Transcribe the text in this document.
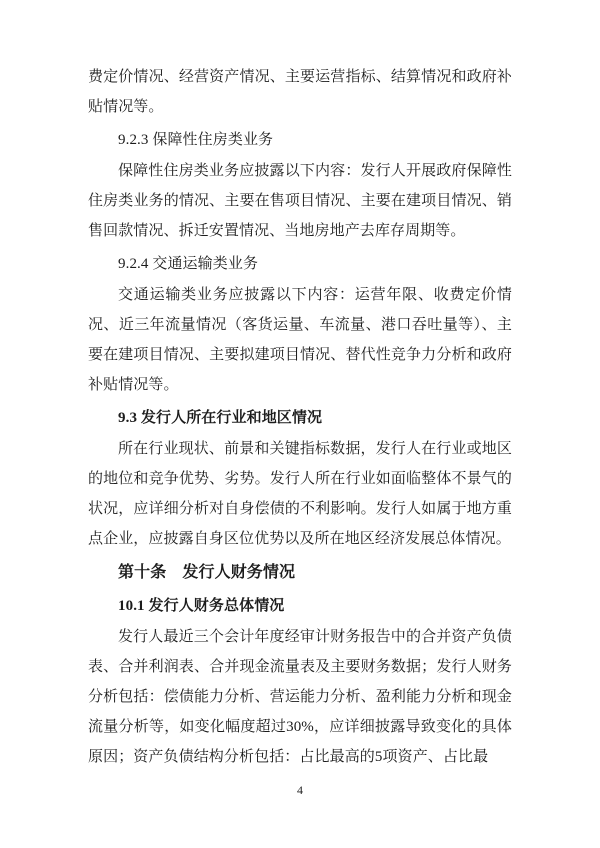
费定价情况、经营资产情况、主要运营指标、结算情况和政府补贴情况等。

9.2.3 保障性住房类业务

保障性住房类业务应披露以下内容：发行人开展政府保障性住房类业务的情况、主要在售项目情况、主要在建项目情况、销售回款情况、拆迁安置情况、当地房地产去库存周期等。

9.2.4 交通运输类业务

交通运输类业务应披露以下内容：运营年限、收费定价情况、近三年流量情况（客货运量、车流量、港口吞吐量等）、主要在建项目情况、主要拟建项目情况、替代性竞争力分析和政府补贴情况等。

9.3 发行人所在行业和地区情况

所在行业现状、前景和关键指标数据，发行人在行业或地区的地位和竞争优势、劣势。发行人所在行业如面临整体不景气的状况，应详细分析对自身偿债的不利影响。发行人如属于地方重点企业，应披露自身区位优势以及所在地区经济发展总体情况。

第十条　发行人财务情况

10.1 发行人财务总体情况

发行人最近三个会计年度经审计财务报告中的合并资产负债表、合并利润表、合并现金流量表及主要财务数据；发行人财务分析包括：偿债能力分析、营运能力分析、盈利能力分析和现金流量分析等，如变化幅度超过30%，应详细披露导致变化的具体原因；资产负债结构分析包括：占比最高的5项资产、占比最

4
